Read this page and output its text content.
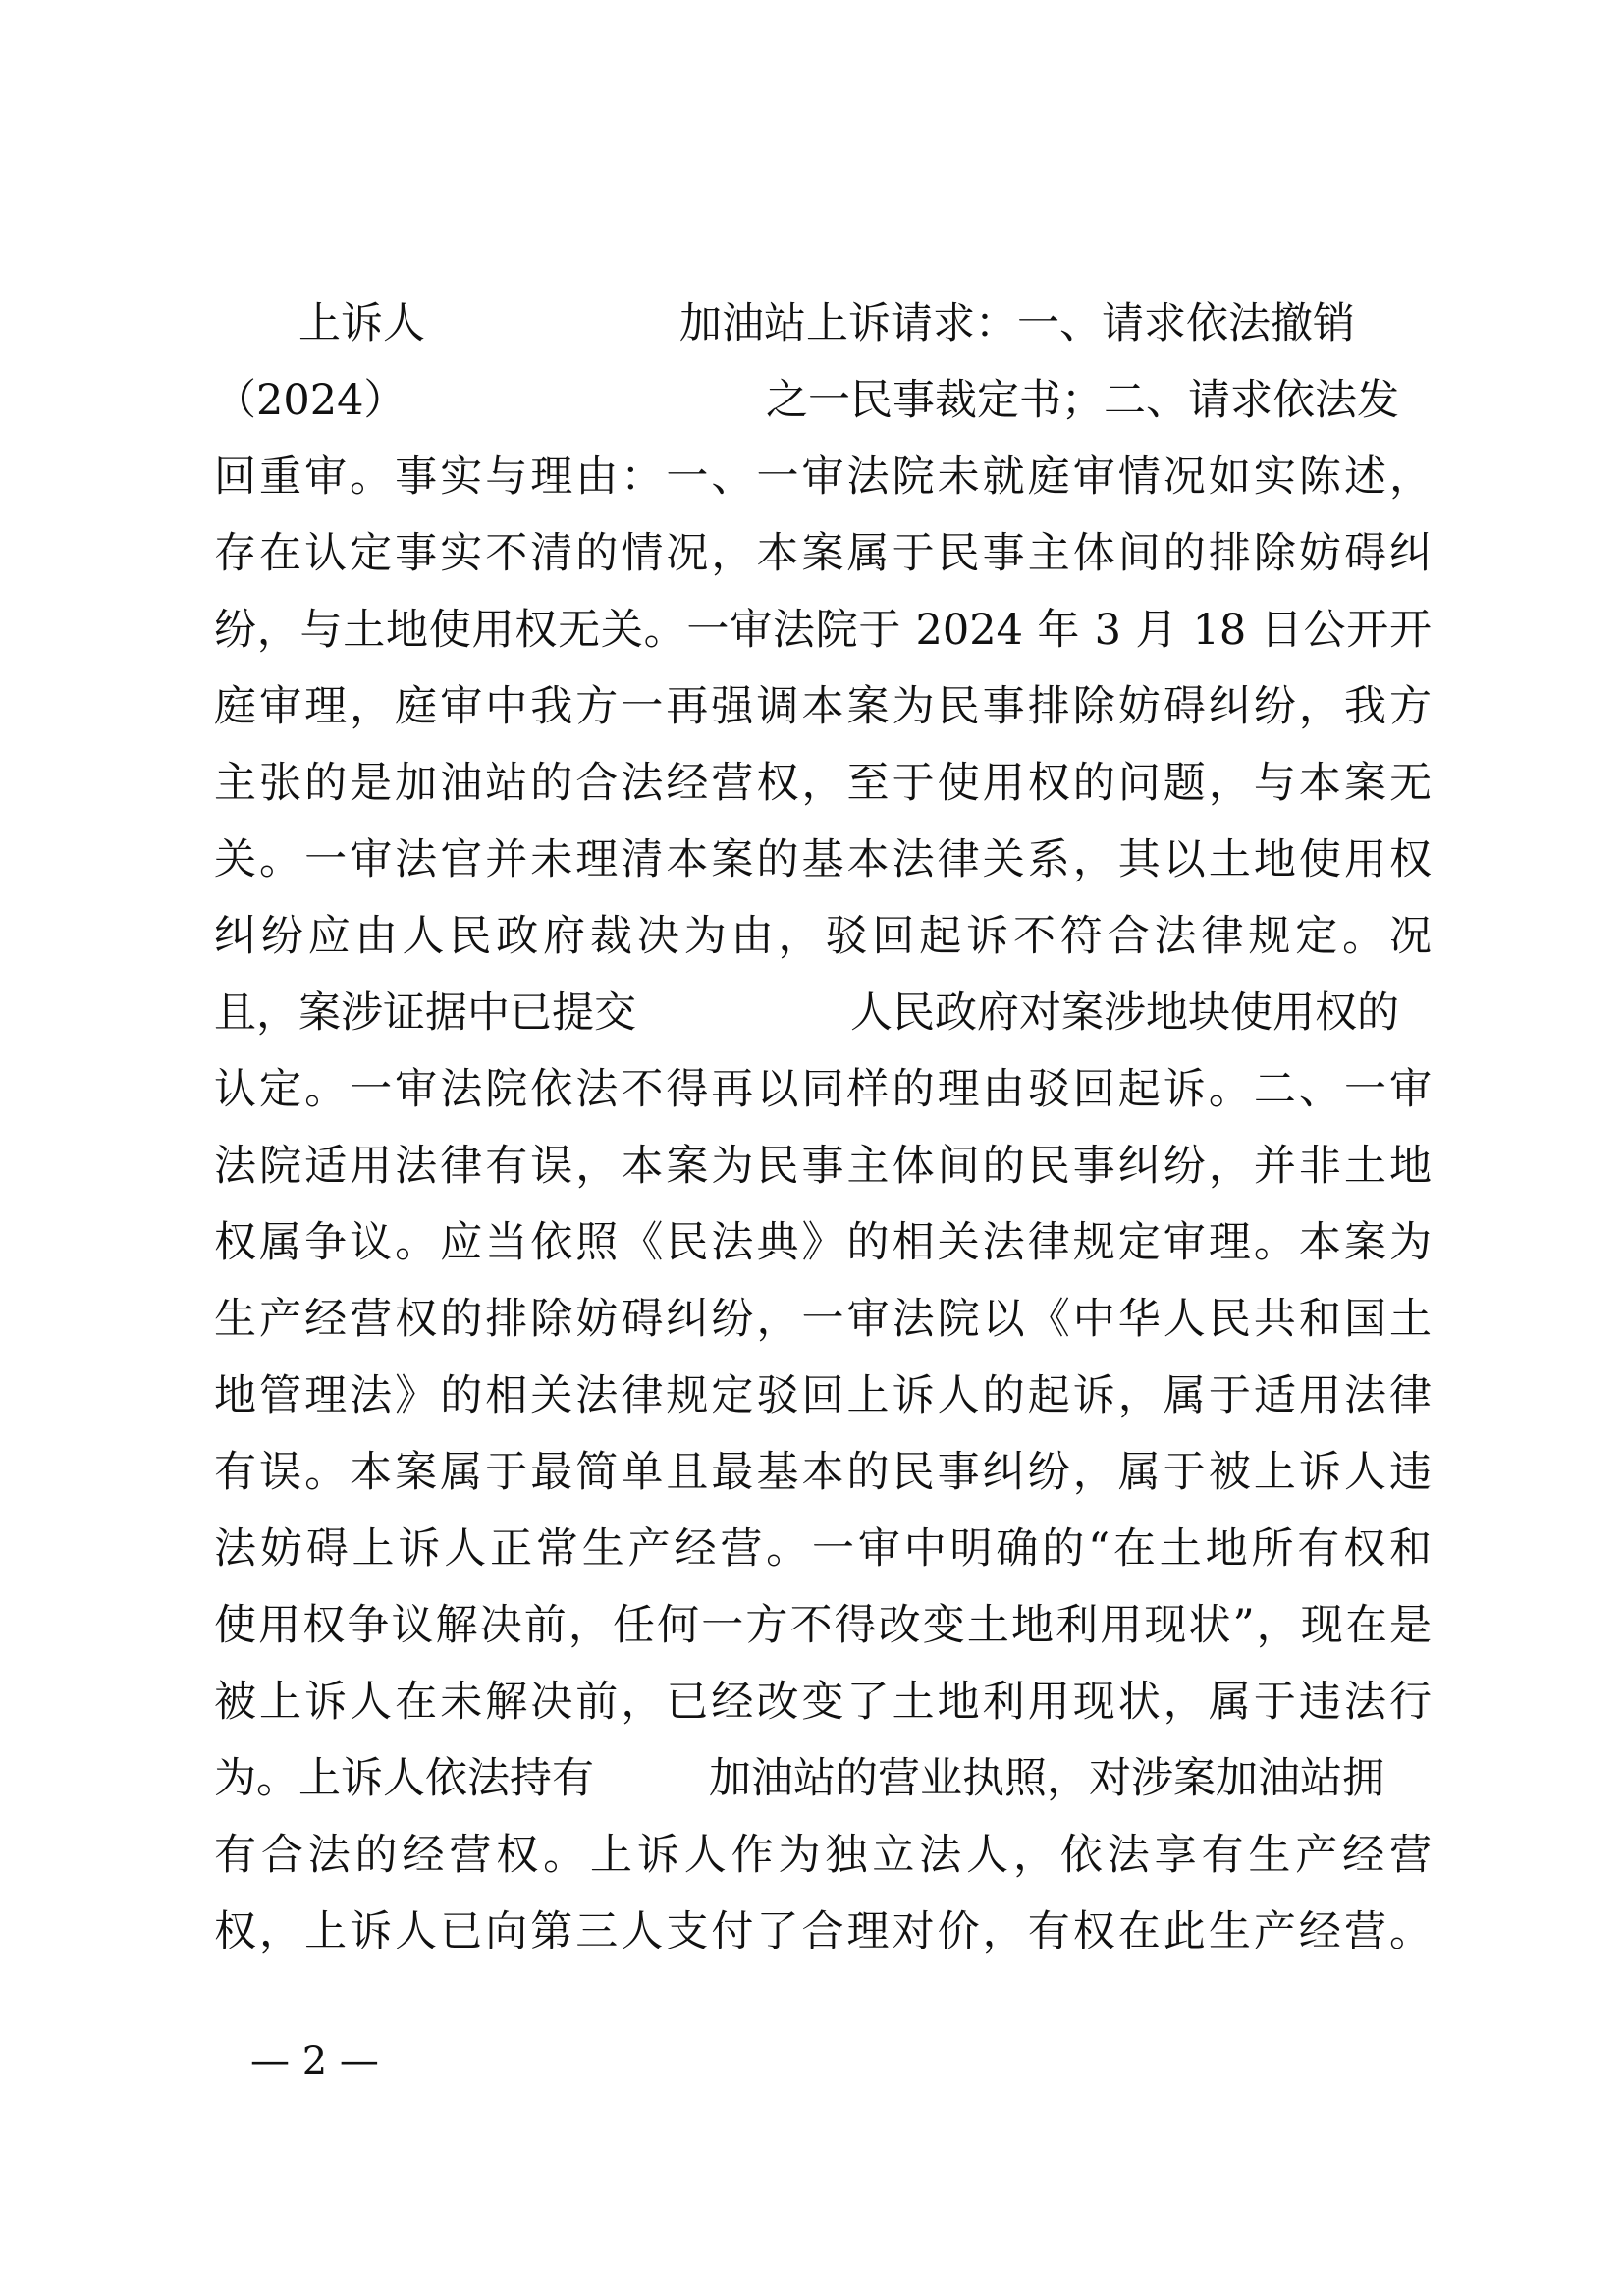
上诉人	加油站上诉请求：一、请求依法撤销
（2024）	之一民事裁定书；二、请求依法发
回重审。事实与理由：一、一审法院未就庭审情况如实陈述，
存在认定事实不清的情况，本案属于民事主体间的排除妨碍纠
纷，与土地使用权无关。一审法院于 2024 年 3 月 18 日公开开
庭审理，庭审中我方一再强调本案为民事排除妨碍纠纷，我方
主张的是加油站的合法经营权，至于使用权的问题，与本案无
关。一审法官并未理清本案的基本法律关系，其以土地使用权
纠纷应由人民政府裁决为由，驳回起诉不符合法律规定。况
且，案涉证据中已提交	人民政府对案涉地块使用权的
认定。一审法院依法不得再以同样的理由驳回起诉。二、一审
法院适用法律有误，本案为民事主体间的民事纠纷，并非土地
权属争议。应当依照《民法典》的相关法律规定审理。本案为
生产经营权的排除妨碍纠纷，一审法院以《中华人民共和国土
地管理法》的相关法律规定驳回上诉人的起诉，属于适用法律
有误。本案属于最简单且最基本的民事纠纷，属于被上诉人违
法妨碍上诉人正常生产经营。一审中明确的“在土地所有权和
使用权争议解决前，任何一方不得改变土地利用现状”，现在是
被上诉人在未解决前，已经改变了土地利用现状，属于违法行
为。上诉人依法持有	加油站的营业执照，对涉案加油站拥
有合法的经营权。上诉人作为独立法人，依法享有生产经营
权，上诉人已向第三人支付了合理对价，有权在此生产经营。
— 2 —
